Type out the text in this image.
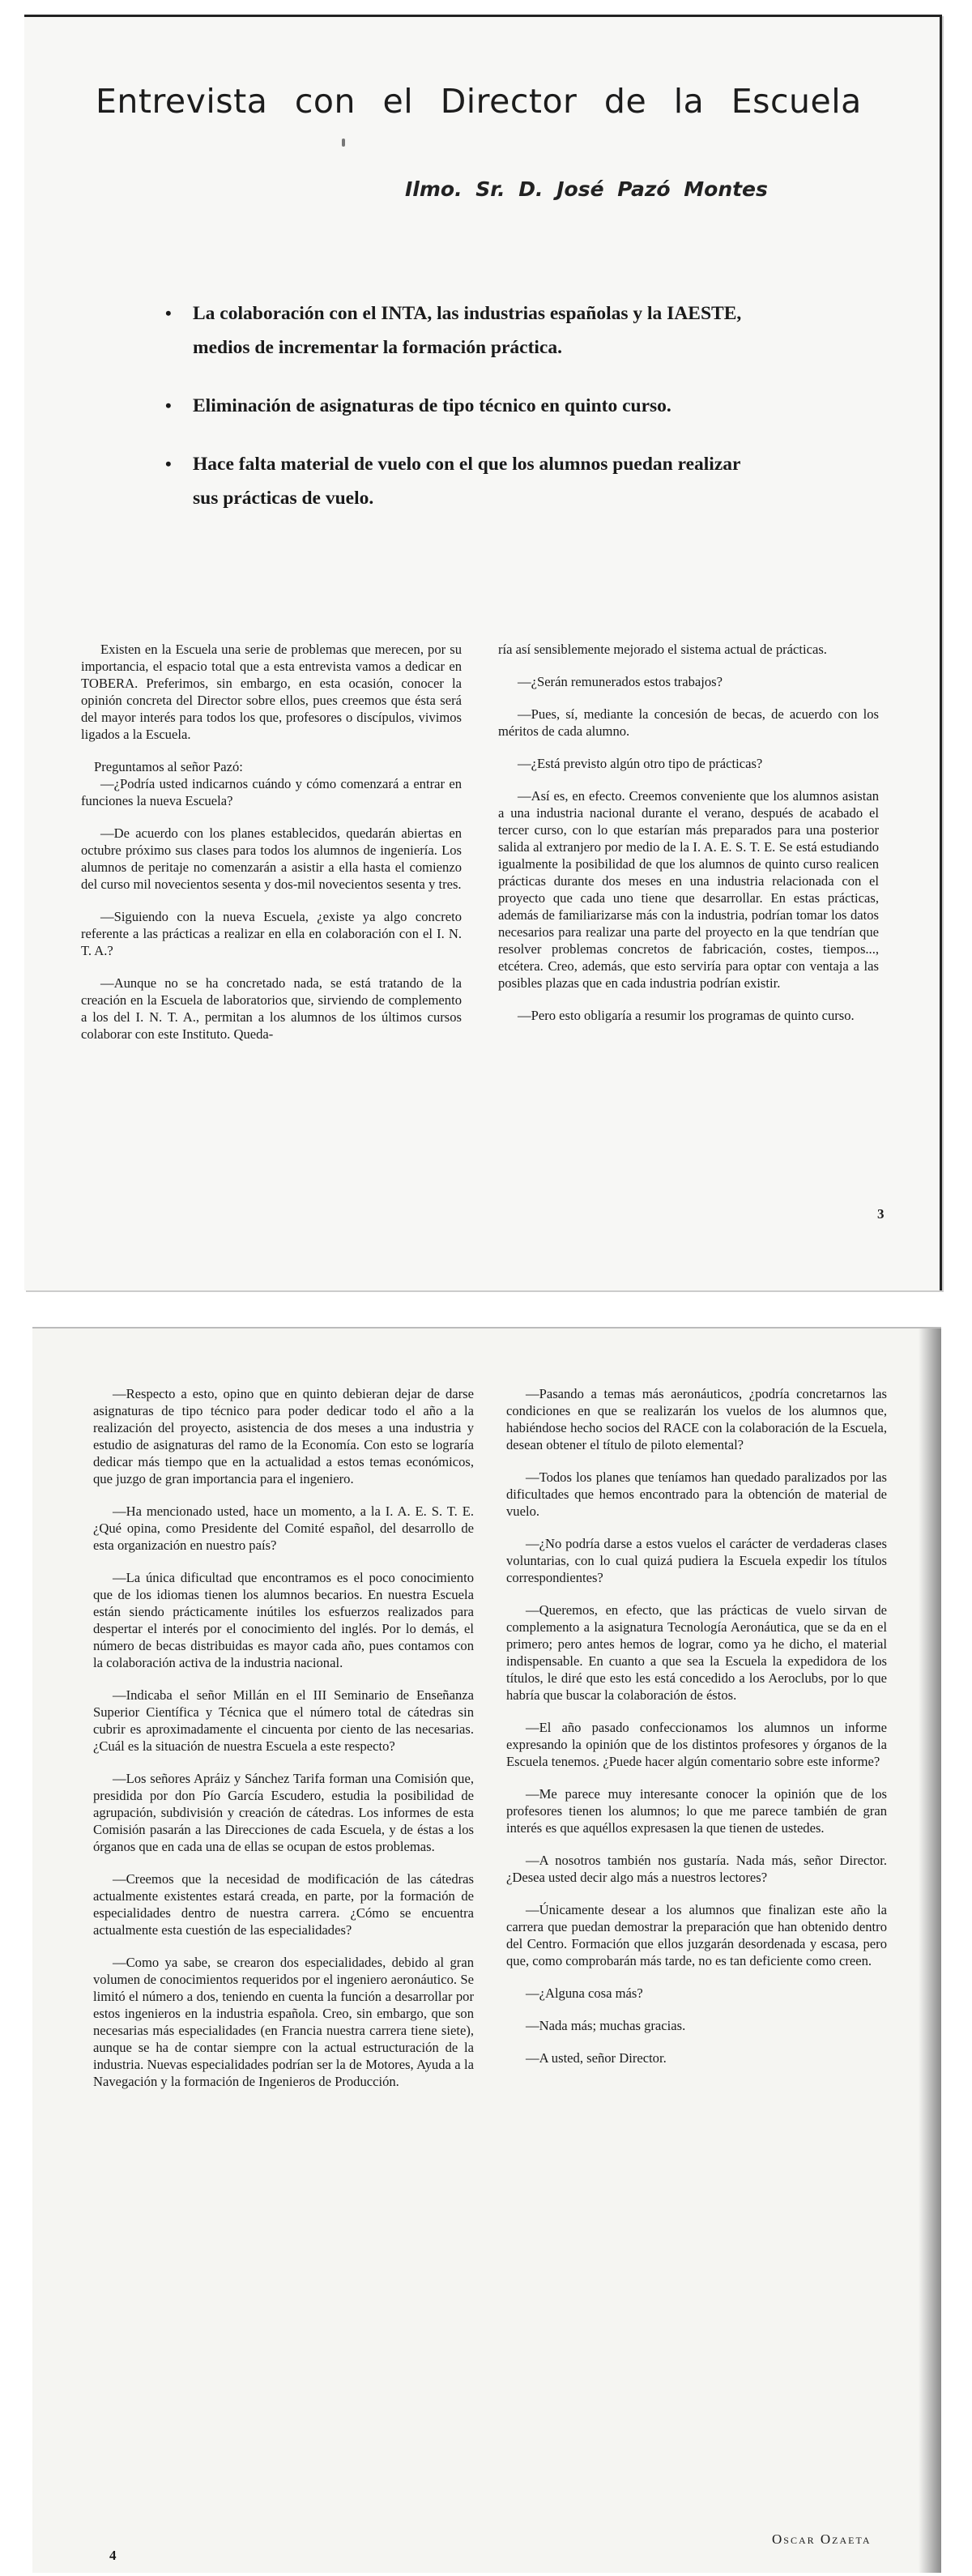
Entrevista con el Director de la Escuela
Ilmo. Sr. D. José Pazó Montes
• La colaboración con el INTA, las industrias españolas y la IAESTE, medios de incrementar la formación práctica.
• Eliminación de asignaturas de tipo técnico en quinto curso.
• Hace falta material de vuelo con el que los alumnos puedan realizar sus prácticas de vuelo.

Existen en la Escuela una serie de problemas que merecen, por su importancia, el espacio total que a esta entrevista vamos a dedicar en TOBERA. Preferimos, sin embargo, en esta ocasión, conocer la opinión concreta del Director sobre ellos, pues creemos que ésta será del mayor interés para todos los que, profesores o discípulos, vivimos ligados a la Escuela.

Preguntamos al señor Pazó:

—¿Podría usted indicarnos cuándo y cómo comenzará a entrar en funciones la nueva Escuela?

—De acuerdo con los planes establecidos, quedarán abiertas en octubre próximo sus clases para todos los alumnos de ingeniería. Los alumnos de peritaje no comenzarán a asistir a ella hasta el comienzo del curso mil novecientos sesenta y dos-mil novecientos sesenta y tres.

—Siguiendo con la nueva Escuela, ¿existe ya algo concreto referente a las prácticas a realizar en ella en colaboración con el I. N. T. A.?

—Aunque no se ha concretado nada, se está tratando de la creación en la Escuela de laboratorios que, sirviendo de complemento a los del I. N. T. A., permitan a los alumnos de los últimos cursos colaborar con este Instituto. Queda-

ría así sensiblemente mejorado el sistema actual de prácticas.

—¿Serán remunerados estos trabajos?

—Pues, sí, mediante la concesión de becas, de acuerdo con los méritos de cada alumno.

—¿Está previsto algún otro tipo de prácticas?

—Así es, en efecto. Creemos conveniente que los alumnos asistan a una industria nacional durante el verano, después de acabado el tercer curso, con lo que estarían más preparados para una posterior salida al extranjero por medio de la I. A. E. S. T. E. Se está estudiando igualmente la posibilidad de que los alumnos de quinto curso realicen prácticas durante dos meses en una industria relacionada con el proyecto que cada uno tiene que desarrollar. En estas prácticas, además de familiarizarse más con la industria, podrían tomar los datos necesarios para realizar una parte del proyecto en la que tendrían que resolver problemas concretos de fabricación, costes, tiempos..., etcétera. Creo, además, que esto serviría para optar con ventaja a las posibles plazas que en cada industria podrían existir.

—Pero esto obligaría a resumir los programas de quinto curso.

3

—Respecto a esto, opino que en quinto debieran dejar de darse asignaturas de tipo técnico para poder dedicar todo el año a la realización del proyecto, asistencia de dos meses a una industria y estudio de asignaturas del ramo de la Economía. Con esto se lograría dedicar más tiempo que en la actualidad a estos temas económicos, que juzgo de gran importancia para el ingeniero.

—Ha mencionado usted, hace un momento, a la I. A. E. S. T. E. ¿Qué opina, como Presidente del Comité español, del desarrollo de esta organización en nuestro país?

—La única dificultad que encontramos es el poco conocimiento que de los idiomas tienen los alumnos becarios. En nuestra Escuela están siendo prácticamente inútiles los esfuerzos realizados para despertar el interés por el conocimiento del inglés. Por lo demás, el número de becas distribuidas es mayor cada año, pues contamos con la colaboración activa de la industria nacional.

—Indicaba el señor Millán en el III Seminario de Enseñanza Superior Científica y Técnica que el número total de cátedras sin cubrir es aproximadamente el cincuenta por ciento de las necesarias. ¿Cuál es la situación de nuestra Escuela a este respecto?

—Los señores Apráiz y Sánchez Tarifa forman una Comisión que, presidida por don Pío García Escudero, estudia la posibilidad de agrupación, subdivisión y creación de cátedras. Los informes de esta Comisión pasarán a las Direcciones de cada Escuela, y de éstas a los órganos que en cada una de ellas se ocupan de estos problemas.

—Creemos que la necesidad de modificación de las cátedras actualmente existentes estará creada, en parte, por la formación de especialidades dentro de nuestra carrera. ¿Cómo se encuentra actualmente esta cuestión de las especialidades?

—Como ya sabe, se crearon dos especialidades, debido al gran volumen de conocimientos requeridos por el ingeniero aeronáutico. Se limitó el número a dos, teniendo en cuenta la función a desarrollar por estos ingenieros en la industria española. Creo, sin embargo, que son necesarias más especialidades (en Francia nuestra carrera tiene siete), aunque se ha de contar siempre con la actual estructuración de la industria. Nuevas especialidades podrían ser la de Motores, Ayuda a la Navegación y la formación de Ingenieros de Producción.

—Pasando a temas más aeronáuticos, ¿podría concretarnos las condiciones en que se realizarán los vuelos de los alumnos que, habiéndose hecho socios del RACE con la colaboración de la Escuela, desean obtener el título de piloto elemental?

—Todos los planes que teníamos han quedado paralizados por las dificultades que hemos encontrado para la obtención de material de vuelo.

—¿No podría darse a estos vuelos el carácter de verdaderas clases voluntarias, con lo cual quizá pudiera la Escuela expedir los títulos correspondientes?

—Queremos, en efecto, que las prácticas de vuelo sirvan de complemento a la asignatura Tecnología Aeronáutica, que se da en el primero; pero antes hemos de lograr, como ya he dicho, el material indispensable. En cuanto a que sea la Escuela la expedidora de los títulos, le diré que esto les está concedido a los Aeroclubs, por lo que habría que buscar la colaboración de éstos.

—El año pasado confeccionamos los alumnos un informe expresando la opinión que de los distintos profesores y órganos de la Escuela tenemos. ¿Puede hacer algún comentario sobre este informe?

—Me parece muy interesante conocer la opinión que de los profesores tienen los alumnos; lo que me parece también de gran interés es que aquéllos expresasen la que tienen de ustedes.

—A nosotros también nos gustaría. Nada más, señor Director. ¿Desea usted decir algo más a nuestros lectores?

—Únicamente desear a los alumnos que finalizan este año la carrera que puedan demostrar la preparación que han obtenido dentro del Centro. Formación que ellos juzgarán desordenada y escasa, pero que, como comprobarán más tarde, no es tan deficiente como creen.

—¿Alguna cosa más?

—Nada más; muchas gracias.

—A usted, señor Director.

4
Oscar Ozaeta
